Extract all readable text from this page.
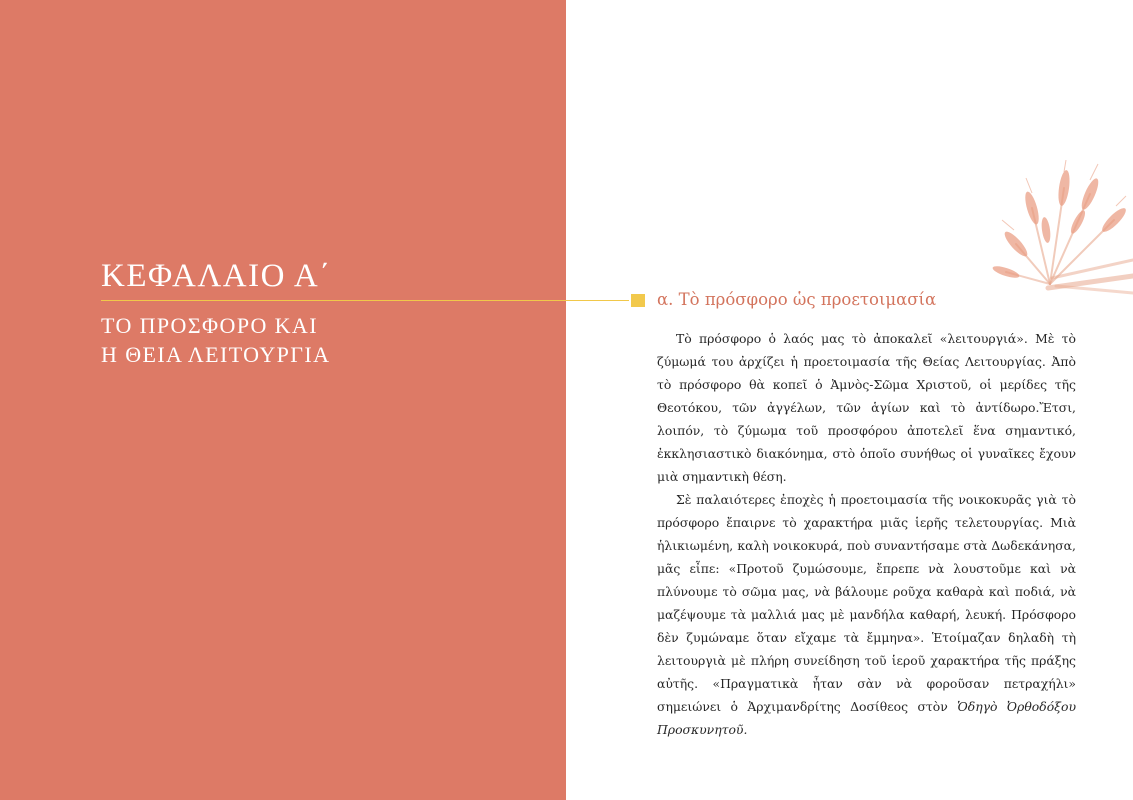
ΚΕΦΑΛΑΙΟ Α΄
ΤΟ ΠΡΟΣΦΟΡΟ ΚΑΙ
Η ΘΕΙΑ ΛΕΙΤΟΥΡΓΙΑ
α. Τὸ πρόσφορο ὡς προετοιμασία

Τὸ πρόσφορο ὁ λαός μας τὸ ἀποκαλεῖ «λειτουργιά». Μὲ τὸ ζύμωμά του ἀρχίζει ἡ προετοιμασία τῆς Θείας Λειτουργίας. Ἀπὸ τὸ πρόσφορο θὰ κοπεῖ ὁ Ἀμνὸς-Σῶμα Χριστοῦ, οἱ μερίδες τῆς Θεοτόκου, τῶν ἀγγέλων, τῶν ἁγίων καὶ τὸ ἀντίδωρο.Ἔτσι, λοιπόν, τὸ ζύμωμα τοῦ προσφόρου ἀποτελεῖ ἕνα σημαντικό, ἐκκλησιαστικὸ διακόνημα, στὸ ὁποῖο συνήθως οἱ γυναῖκες ἔχουν μιὰ σημαντικὴ θέση.

Σὲ παλαιότερες ἐποχὲς ἡ προετοιμασία τῆς νοικοκυρᾶς γιὰ τὸ πρόσφορο ἔπαιρνε τὸ χαρακτήρα μιᾶς ἱερῆς τελετουργίας. Μιὰ ἡλικιωμένη, καλὴ νοικοκυρά, ποὺ συναντήσαμε στὰ Δωδεκάνησα, μᾶς εἶπε: «Προτοῦ ζυμώσουμε, ἔπρεπε νὰ λουστοῦμε καὶ νὰ πλύνουμε τὸ σῶμα μας, νὰ βάλουμε ροῦχα καθαρὰ καὶ ποδιά, νὰ μαζέψουμε τὰ μαλλιά μας μὲ μανδήλα καθαρή, λευκή. Πρόσφορο δὲν ζυμώναμε ὅταν εἴχαμε τὰ ἔμμηνα». Ἑτοίμαζαν δηλαδὴ τὴ λειτουργιὰ μὲ πλήρη συνείδηση τοῦ ἱεροῦ χαρακτήρα τῆς πράξης αὐτῆς. «Πραγματικὰ ἦταν σὰν νὰ φοροῦσαν πετραχήλι» σημειώνει ὁ Ἀρχιμανδρίτης Δοσίθεος στὸν Ὁδηγὸ Ὀρθοδόξου Προσκυνητοῦ.
